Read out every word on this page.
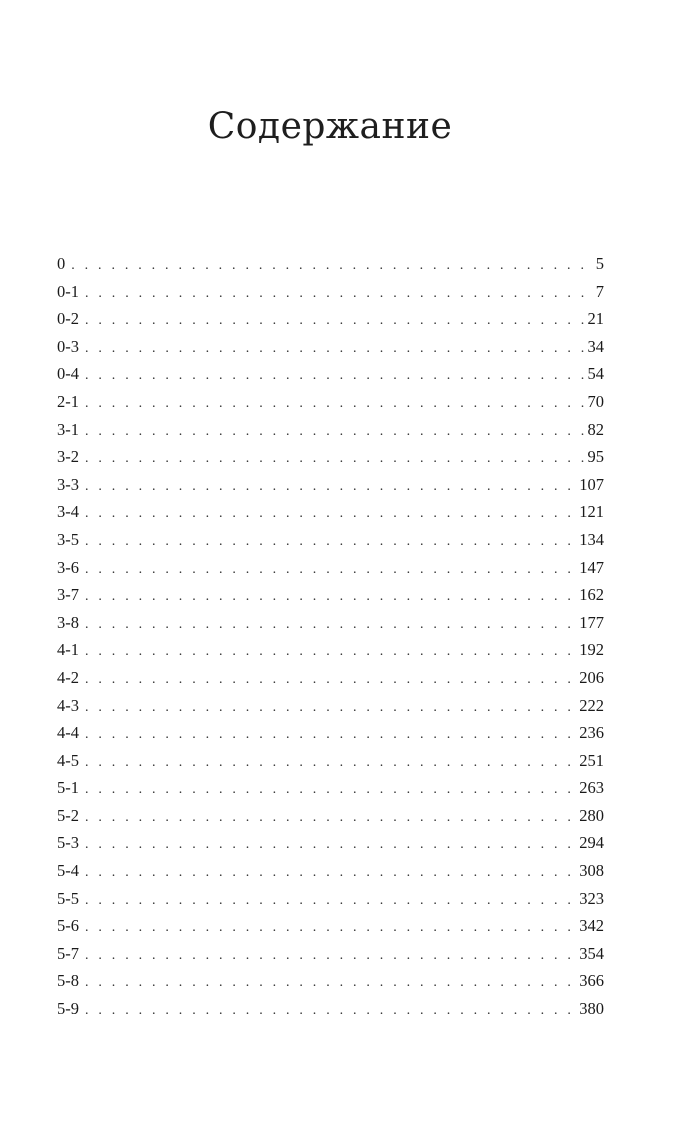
Содержание
0 . . .	5
0-1 . . .	7
0-2 . . .	21
0-3 . . .	34
0-4 . . .	54
2-1 . . .	70
3-1 . . .	82
3-2 . . .	95
3-3 . . .	107
3-4 . . .	121
3-5 . . .	134
3-6 . . .	147
3-7 . . .	162
3-8 . . .	177
4-1 . . .	192
4-2 . . .	206
4-3 . . .	222
4-4 . . .	236
4-5 . . .	251
5-1 . . .	263
5-2 . . .	280
5-3 . . .	294
5-4 . . .	308
5-5 . . .	323
5-6 . . .	342
5-7 . . .	354
5-8 . . .	366
5-9 . . .	380
